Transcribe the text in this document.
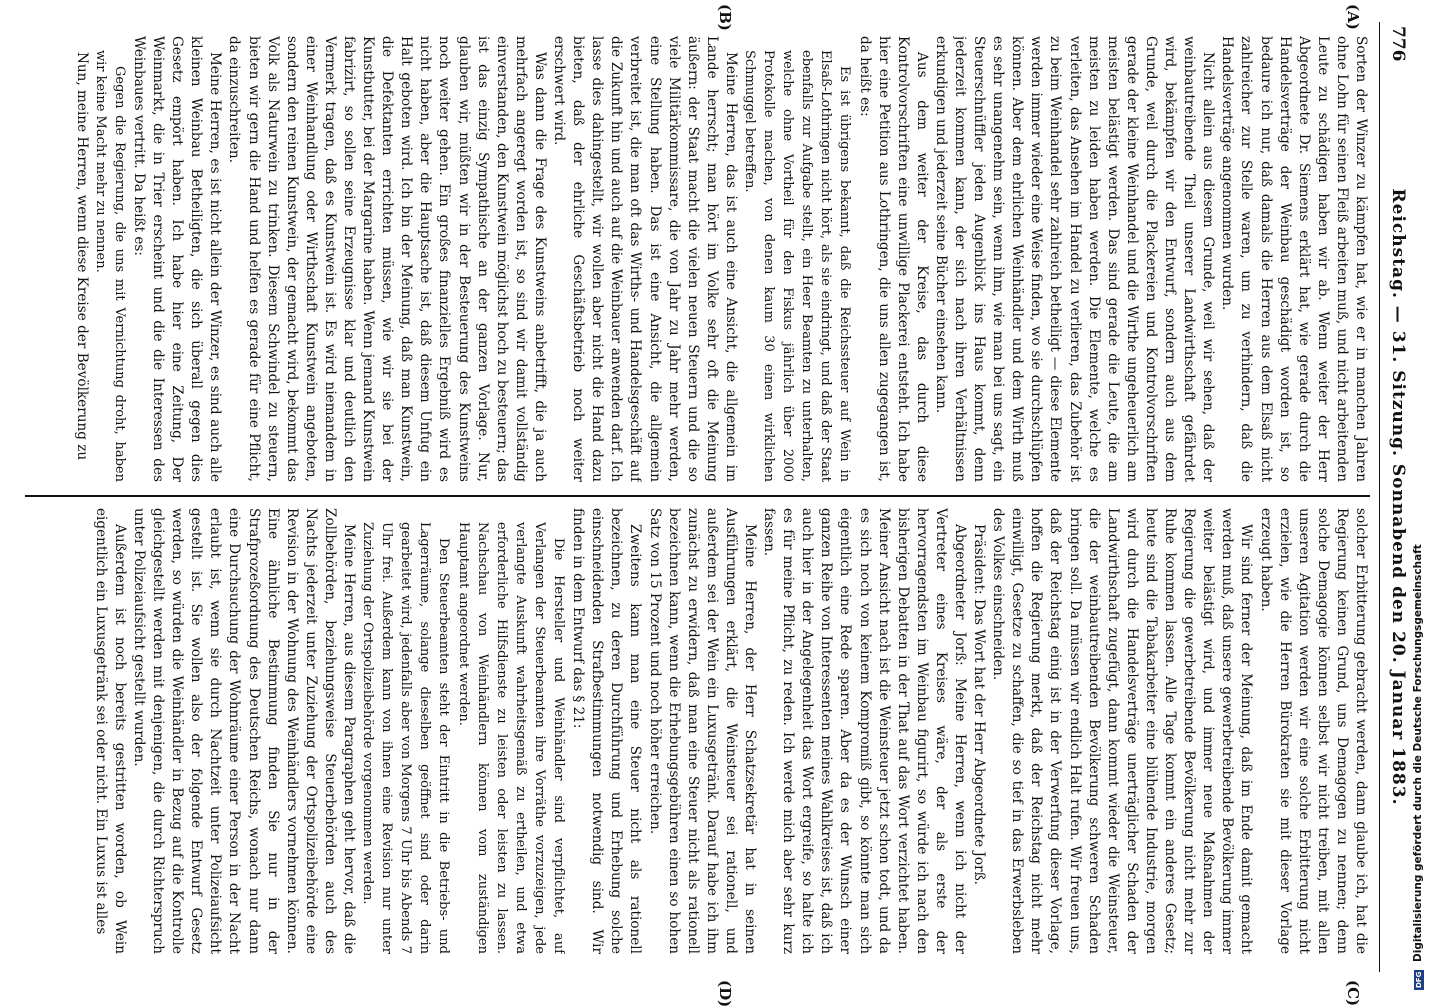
776
Reichstag. — 31. Sitzung. Sonnabend den 20. Januar 1883.
(A)
(B)
(C)
(D)

Sorten der Winzer zu kämpfen hat, wie er in manchen Jahren ohne Lohn für seinen Fleiß arbeiten muß, und nicht arbeitenden Leute zu schädigen haben wir ab. Wenn weiter der Herr Abgeordnete Dr. Siemens erklärt hat, wie gerade durch die Handelsverträge der Weinbau geschädigt worden ist, so bedaure ich nur, daß damals die Herren aus dem Elsaß nicht zahlreicher zur Stelle waren, um zu verhindern, daß die Handelsverträge angenommen wurden.

Nicht allein aus diesem Grunde, weil wir sehen, daß der weinbautreibende Theil unserer Landwirthschaft gefährdet wird, bekämpfen wir den Entwurf, sondern auch aus dem Grunde, weil durch die Plackereien und Kontrolvorschriften gerade der kleine Weinhandel und die Wirthe ungeheuerlich am meisten belästigt werden. Das sind gerade die Leute, die am meisten zu leiden haben werden. Die Elemente, welche es verleiten, das Ansehen im Handel zu verlieren, das Zubehör ist zu beim Weinhandel sehr zahlreich betheiligt — diese Elemente werden immer wieder eine Weise finden, wo sie durchschlüpfen können. Aber dem ehrlichen Weinhändler und dem Wirth muß es sehr unangenehm sein, wenn ihm, wie man bei uns sagt, ein Steuerschnüffler jeden Augenblick ins Haus kommt, denn jederzeit kommen kann, der sich nach ihren Verhältnissen erkundigen und jederzeit seine Bücher einsehen kann.

Aus dem weiter der Kreise, das durch diese Kontrolvorschriften eine unwillige Plackerei entsteht. Ich habe hier eine Petition aus Lothringen, die uns allen zugegangen ist, da heißt es:

Es ist übrigens bekannt, daß die Reichssteuer auf Wein in Elsaß-Lothringen nicht hört, als sie eindringt, und daß der Staat ebenfalls zur Aufgabe stellt, ein Heer Beamten zu unterhalten, welche ohne Vortheil für den Fiskus jährlich über 2000 Protokolle machen, von denen kaum 30 einen wirklichen Schmuggel betreffen.

Meine Herren, das ist auch eine Ansicht, die allgemein im Lande herrscht; man hört im Volke sehr oft die Meinung äußern: der Staat macht die vielen neuen Steuern und die so viele Militärkommissare, die von Jahr zu Jahr mehr werden, eine Stellung haben. Das ist eine Ansicht, die allgemein verbreitet ist, die man oft das Wirths- und Handelsgeschäft auf die Zukunft hin und auch auf die Weinbauer anwenden darf. Ich lasse dies dahingestellt, wir wollen aber nicht die Hand dazu bieten, daß der ehrliche Geschäftsbetrieb noch weiter erschwert wird.

Was dann die Frage des Kunstweins anbetrifft, die ja auch mehrfach angeregt worden ist, so sind wir damit vollständig einverstanden, den Kunstwein möglichst hoch zu besteuern; das ist das einzig Sympathische an der ganzen Vorlage. Nur, glauben wir, müßten wir in der Besteuerung des Kunstweins noch weiter gehen. Ein großes finanzielles Ergebniß wird es nicht haben, aber die Hauptsache ist, daß diesem Unfug ein Halt geboten wird. Ich bin der Meinung, daß man Kunstwein, die Defektanten errichten müssen, wie wir sie bei der Kunstbutter, bei der Margarine haben. Wenn jemand Kunstwein fabrizirt, so sollen seine Erzeugnisse klar und deutlich den Vermerk tragen, daß es Kunstwein ist. Es wird niemandem in einer Weinhandlung oder Wirthschaft Kunstwein angeboten, sondern den reinen Kunstwein, der gemacht wird, bekommt das Volk als Naturwein zu trinken. Diesem Schwindel zu steuern, bieten wir gern die Hand und helfen es gerade für eine Pflicht, da einzuschreiten.

Meine Herren, es ist nicht allein der Winzer, es sind auch alle kleinen Weinbau Betheiligten, die sich überall gegen dies Gesetz empört haben. Ich habe hier eine Zeitung, Der Weinmarkt, die in Trier erscheint und die die Interessen des Weinbaues vertritt. Da heißt es:

Gegen die Regierung, die uns mit Vernichtung droht, haben wir keine Macht mehr zu nennen.

Nun, meine Herren, wenn diese Kreise der Bevölkerung zu

solcher Erbitterung gebracht werden, dann glaube ich, hat die Regierung keinen Grund, uns Demagogen zu nennen; denn solche Demagogie können selbst wir nicht treiben, mit allen unseren Agitation werden wir eine solche Erbitterung nicht erzielen, wie die Herren Bürokraten sie mit dieser Vorlage erzeugt haben.

Wir sind ferner der Meinung, daß im Ende damit gemacht werden muß, daß unsere gewerbetreibende Bevölkerung immer weiter belästigt wird, und immer neue Maßnahmen der Regierung die gewerbetreibende Bevölkerung nicht mehr zur Ruhe kommen lassen. Alle Tage kommt ein anderes Gesetz; heute sind die Tabakarbeiter eine blühende Industrie, morgen wird durch die Handelsverträge unerträglicher Schaden der Landwirthschaft zugefügt, dann kommt wieder die Weinsteuer, die der weinbautreibenden Bevölkerung schweren Schaden bringen soll. Da müssen wir endlich Halt rufen. Wir freuen uns, daß der Reichstag einig ist in der Verwerfung dieser Vorlage, hoffen die Regierung merkt, daß der Reichstag nicht mehr einwilligt, Gesetze zu schaffen, die so tief in das Erwerbsleben des Volkes einschneiden.

Präsident: Das Wort hat der Herr Abgeordnete Jorß.

Abgeordneter Jorß: Meine Herren, wenn ich nicht der Vertreter eines Kreises wäre, der als erste der hervorragendsten im Weinbau figurirt, so würde ich nach den bisherigen Debatten in der That auf das Wort verzichtet haben. Meiner Ansicht nach ist die Weinsteuer jetzt schon todt, und da es sich noch von keinem Kompromiß gibt, so könnte man sich eigentlich eine Rede sparen. Aber da es der Wunsch einer ganzen Reihe von Interessenten meines Wahlkreises ist, daß ich auch hier in der Angelegenheit das Wort ergreife, so halte ich es für meine Pflicht, zu reden. Ich werde mich aber sehr kurz fassen.

Meine Herren, der Herr Schatzsekretär hat in seinen Ausführungen erklärt, die Weinsteuer sei rationell, und außerdem sei der Wein ein Luxusgetränk. Darauf habe ich ihm zunächst zu erwidern, daß man eine Steuer nicht als rationell bezeichnen kann, wenn die Erhebungsgebühren einen so hohen Satz von 15 Prozent und noch höher erreichen.

Zweitens kann man eine Steuer nicht als rationell bezeichnen, zu deren Durchführung und Erhebung solche einschneidenden Strafbestimmungen notwendig sind. Wir finden in dem Entwurf das § 21:

Die Hersteller und Weinhändler sind verpflichtet, auf Verlangen der Steuerbeamten ihre Vorräthe vorzuzeigen, jede verlangte Auskunft wahrheitsgemäß zu ertheilen, und etwa erforderliche Hilfsdienste zu leisten oder leisten zu lassen. Nachschau von Weinhändlern können vom zuständigen Hauptamt angeordnet werden.

Den Steuerbeamten steht der Eintritt in die Betriebs- und Lagerräume, solange dieselben geöffnet sind oder darin gearbeitet wird, jedenfalls aber von Morgens 7 Uhr bis Abends 7 Uhr frei. Außerdem kann von ihnen eine Revision nur unter Zuziehung der Ortspolizeibehörde vorgenommen werden.

Meine Herren, aus diesem Paragraphen geht hervor, daß die Zollbehörden, beziehungsweise Steuerbehörden auch des Nachts jederzeit unter Zuziehung der Ortspolizeibehörde eine Revision in der Wohnung des Weinhändlers vornehmen können. Eine ähnliche Bestimmung finden Sie nur in der Strafprozeßordnung des Deutschen Reichs, wonach nur dann eine Durchsuchung der Wohnräume einer Person in der Nacht erlaubt ist, wenn sie durch Nachtzeit unter Polizeiaufsicht gestellt ist. Sie wollen also der folgende Entwurf Gesetz werden, so würden die Weinhändler in Bezug auf die Kontrolle gleichgestellt werden mit denjenigen, die durch Richterspruch unter Polizeiaufsicht gestellt wurden.

Außerdem ist noch bereits gestritten worden, ob Wein eigentlich ein Luxusgetränk sei oder nicht. Ein Luxus ist alles

DFG Digitalisierung gefördert durch die Deutsche Forschungsgemeinschaft
